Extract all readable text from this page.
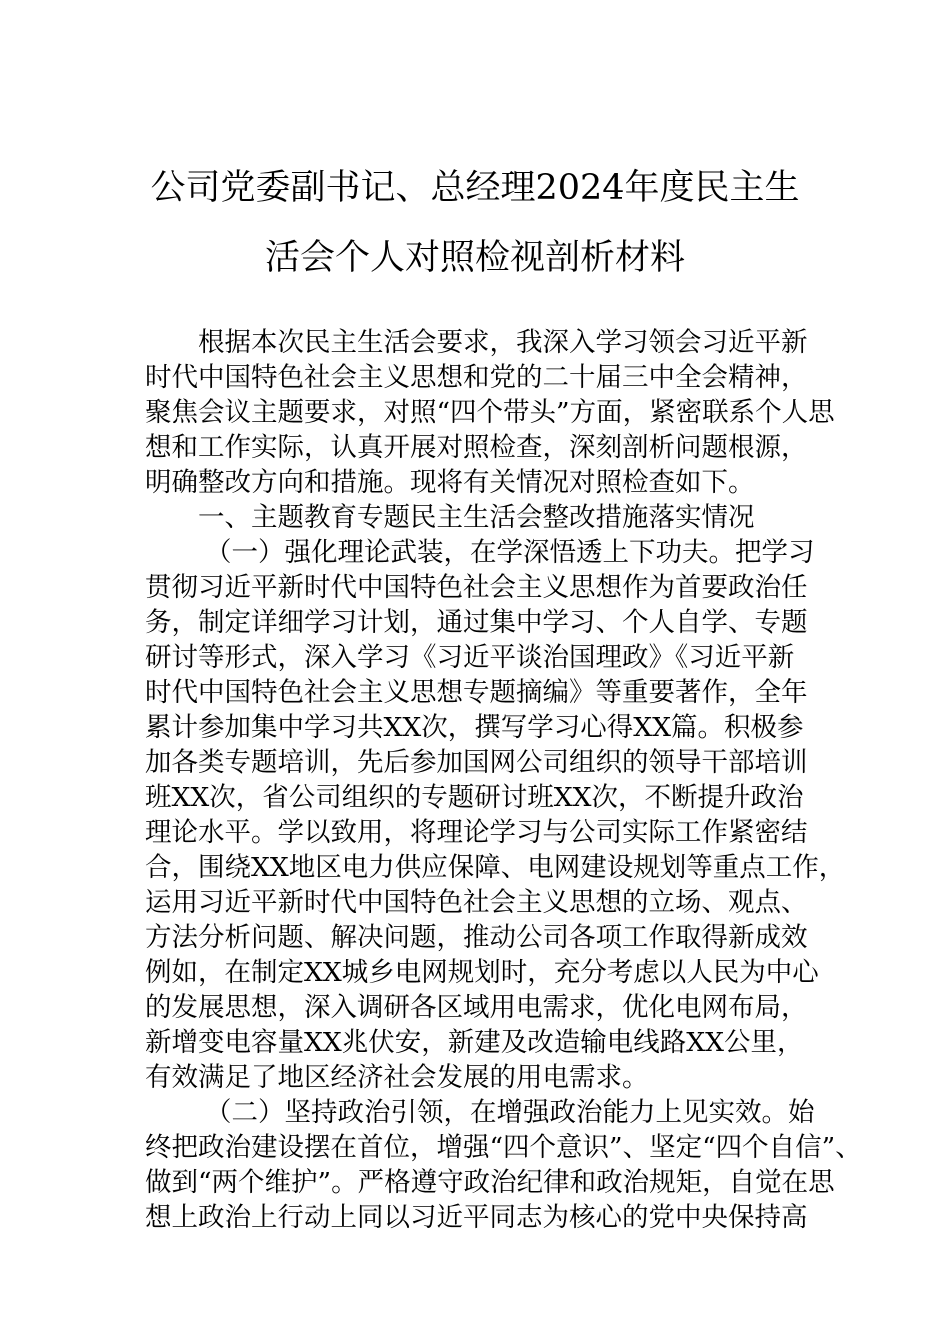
公司党委副书记、总经理2024年度民主生
活会个人对照检视剖析材料
根据本次民主生活会要求，我深入学习领会习近平新
时代中国特色社会主义思想和党的二十届三中全会精神，
聚焦会议主题要求，对照“四个带头”方面，紧密联系个人思
想和工作实际，认真开展对照检查，深刻剖析问题根源，
明确整改方向和措施。现将有关情况对照检查如下。
一、主题教育专题民主生活会整改措施落实情况
（一）强化理论武装，在学深悟透上下功夫。把学习
贯彻习近平新时代中国特色社会主义思想作为首要政治任
务，制定详细学习计划，通过集中学习、个人自学、专题
研讨等形式，深入学习《习近平谈治国理政》《习近平新
时代中国特色社会主义思想专题摘编》等重要著作，全年
累计参加集中学习共XX次，撰写学习心得XX篇。积极参
加各类专题培训，先后参加国网公司组织的领导干部培训
班XX次，省公司组织的专题研讨班XX次，不断提升政治
理论水平。学以致用，将理论学习与公司实际工作紧密结
合，围绕XX地区电力供应保障、电网建设规划等重点工作，
运用习近平新时代中国特色社会主义思想的立场、观点、
方法分析问题、解决问题，推动公司各项工作取得新成效
例如，在制定XX城乡电网规划时，充分考虑以人民为中心
的发展思想，深入调研各区域用电需求，优化电网布局，
新增变电容量XX兆伏安，新建及改造输电线路XX公里，
有效满足了地区经济社会发展的用电需求。
（二）坚持政治引领，在增强政治能力上见实效。始
终把政治建设摆在首位，增强“四个意识”、坚定“四个自信”、
做到“两个维护”。严格遵守政治纪律和政治规矩，自觉在思
想上政治上行动上同以习近平同志为核心的党中央保持高
